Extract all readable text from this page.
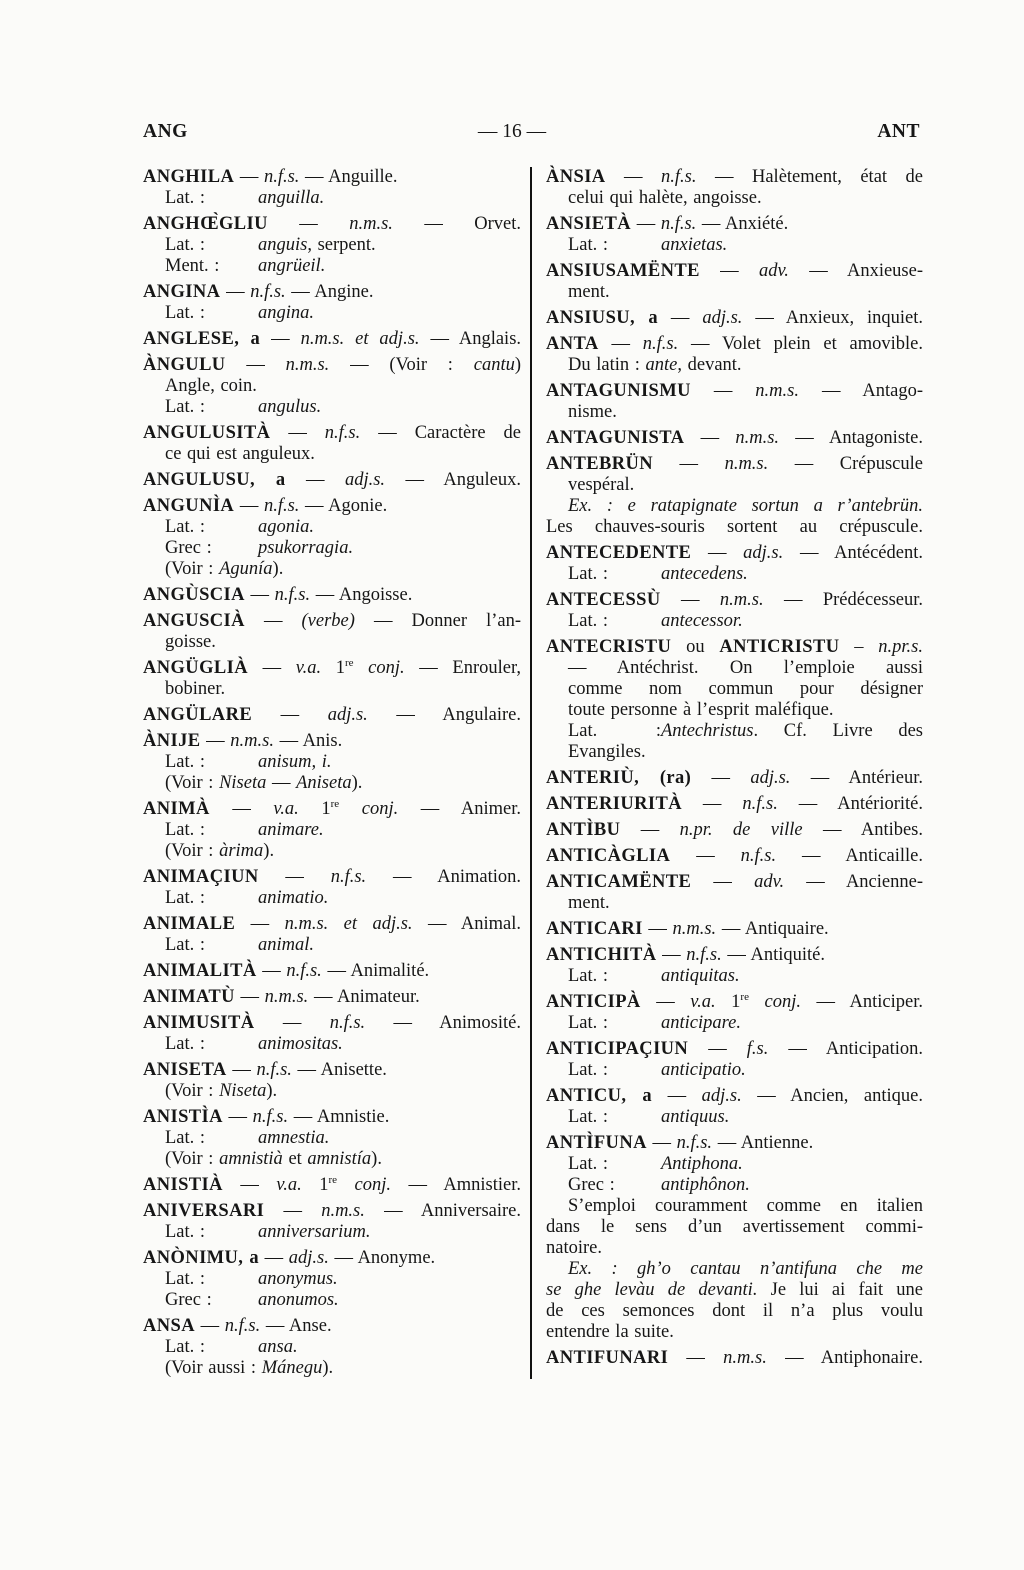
— 16 —
ANG	ANT
ANGHILA — n.f.s. — Anguille.
Lat. :	anguilla.
ANGHŒ̀GLIU — n.m.s. — Orvet.
Lat. :	anguis, serpent.
Ment. : angrüeil.
ANGINA — n.f.s. — Angine.
Lat. :	angina.
ANGLESE, a — n.m.s. et adj.s. — Anglais.
ÀNGULU — n.m.s. — (Voir : cantu)
Angle, coin.
Lat. :	angulus.
ANGULUSITÀ — n.f.s. — Caractère de
ce qui est anguleux.
ANGULUSU, a — adj.s. — Anguleux.
ANGUNÌA — n.f.s. — Agonie.
Lat. :	agonia.
Grec :	psukorragia.
(Voir : Agunía).
ANGÙSCIA — n.f.s. — Angoisse.
ANGUSCIÀ — (verbe) — Donner l’an-
goisse.
ANGÜGLIÀ — v.a. 1re conj. — Enrouler,
bobiner.
ANGÜLARE — adj.s. — Angulaire.
ÀNIJE — n.m.s. — Anis.
Lat. :	anisum, i.
(Voir : Niseta — Aniseta).
ANIMÀ — v.a. 1re conj. — Animer.
Lat. :	animare.
(Voir : àrima).
ANIMAÇIUN — n.f.s. — Animation.
Lat. :	animatio.
ANIMALE — n.m.s. et adj.s. — Animal.
Lat. :	animal.
ANIMALITÀ — n.f.s. — Animalité.
ANIMATÙ — n.m.s. — Animateur.
ANIMUSITÀ — n.f.s. — Animosité.
Lat. :	animositas.
ANISETA — n.f.s. — Anisette.
(Voir : Niseta).
ANISTÌA — n.f.s. — Amnistie.
Lat. :	amnestia.
(Voir : amnistià et amnistía).
ANISTIÀ — v.a. 1re conj. — Amnistier.
ANIVERSARI — n.m.s. — Anniversaire.
Lat. :	anniversarium.
ANÒNIMU, a — adj.s. — Anonyme.
Lat. :	anonymus.
Grec :	anonumos.
ANSA — n.f.s. — Anse.
Lat. :	ansa.
(Voir aussi : Mánegu).
ÀNSIA — n.f.s. — Halètement, état de
celui qui halète, angoisse.
ANSIETÀ — n.f.s. — Anxiété.
Lat. :	anxietas.
ANSIUSAMËNTE — adv. — Anxieuse-
ment.
ANSIUSU, a — adj.s. — Anxieux, inquiet.
ANTA — n.f.s. — Volet plein et amovible.
Du latin : ante, devant.
ANTAGUNISMU — n.m.s. — Antago-
nisme.
ANTAGUNISTA — n.m.s. — Antagoniste.
ANTEBRÜN — n.m.s. — Crépuscule
vespéral.
Ex. : e ratapignate sortun a r’antebrün.
Les chauves-souris sortent au crépuscule.
ANTECEDENTE — adj.s. — Antécédent.
Lat. :	antecedens.
ANTECESSÙ — n.m.s. — Prédécesseur.
Lat. :	antecessor.
ANTECRISTU ou ANTICRISTU – n.pr.s.
— Antéchrist. On l’emploie aussi
comme nom commun pour désigner
toute personne à l’esprit maléfique.
Lat. :Antechristus. Cf. Livre des
Evangiles.
ANTERIÙ, (ra) — adj.s. — Antérieur.
ANTERIURITÀ — n.f.s. — Antériorité.
ANTÌBU — n.pr. de ville — Antibes.
ANTICÀGLIA — n.f.s. — Anticaille.
ANTICAMËNTE — adv. — Ancienne-
ment.
ANTICARI — n.m.s. — Antiquaire.
ANTICHITÀ — n.f.s. — Antiquité.
Lat. :	antiquitas.
ANTICIPÀ — v.a. 1re conj. — Anticiper.
Lat. :	anticipare.
ANTICIPAÇIUN — f.s. — Anticipation.
Lat. :	anticipatio.
ANTICU, a — adj.s. — Ancien, antique.
Lat. :	antiquus.
ANTÌFUNA — n.f.s. — Antienne.
Lat. :	Antiphona.
Grec :	antiphônon.
S’emploi couramment comme en italien
dans le sens d’un avertissement commi-
natoire.
Ex. : gh’o cantau n’antifuna che me
se ghe levàu de devanti. Je lui ai fait une
de ces semonces dont il n’a plus voulu
entendre la suite.
ANTIFUNARI — n.m.s. — Antiphonaire.
